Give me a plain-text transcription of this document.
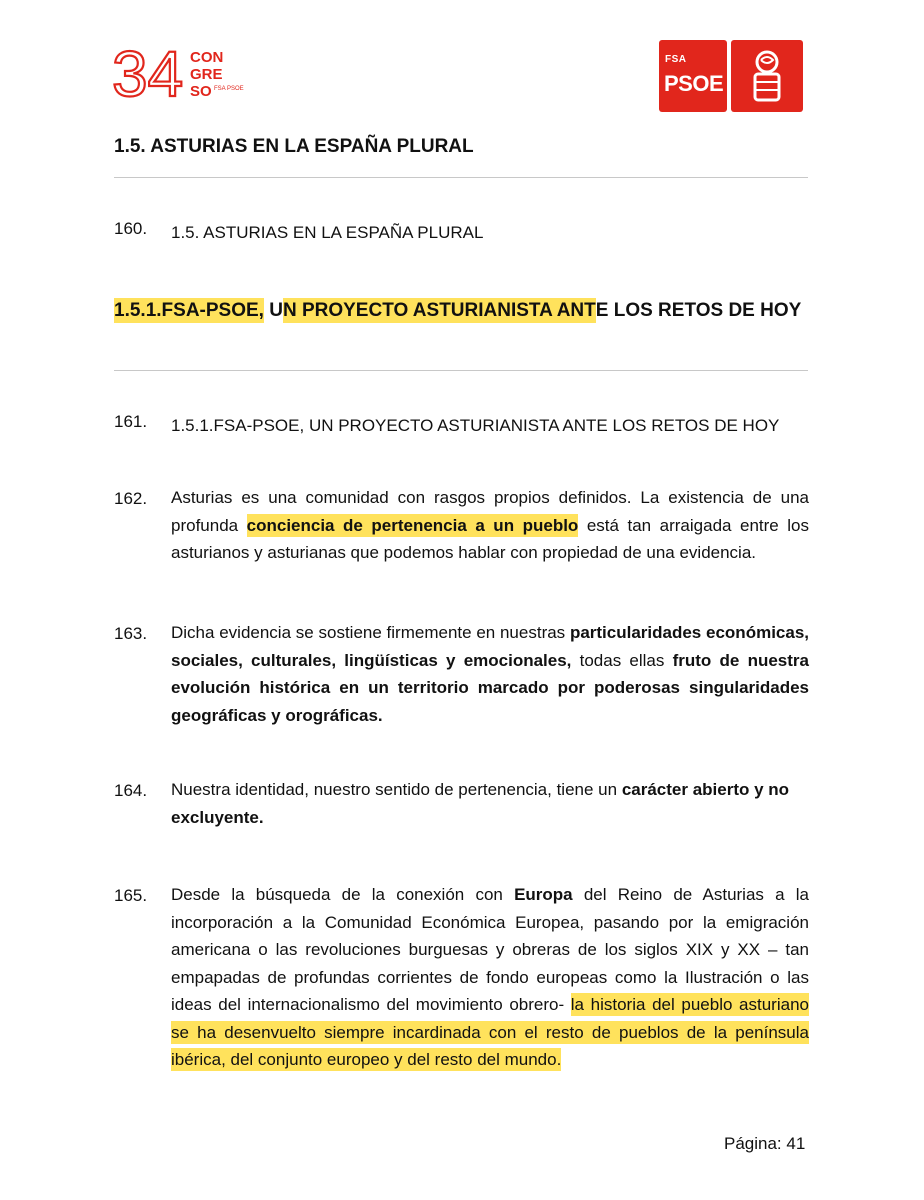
34 CON
GRE
SO FSA PSOE
FSA
PSOE
1.5. ASTURIAS EN LA ESPAÑA PLURAL
160. 1.5. ASTURIAS EN LA ESPAÑA PLURAL
1.5.1.FSA-PSOE, UN PROYECTO ASTURIANISTA ANTE LOS RETOS DE HOY
161. 1.5.1.FSA-PSOE, UN PROYECTO ASTURIANISTA ANTE LOS RETOS DE HOY
162. Asturias es una comunidad con rasgos propios definidos. La existencia de una profunda conciencia de pertenencia a un pueblo está tan arraigada entre los asturianos y asturianas que podemos hablar con propiedad de una evidencia.
163. Dicha evidencia se sostiene firmemente en nuestras particularidades económicas, sociales, culturales, lingüísticas y emocionales, todas ellas fruto de nuestra evolución histórica en un territorio marcado por poderosas singularidades geográficas y orográficas.
164. Nuestra identidad, nuestro sentido de pertenencia, tiene un carácter abierto y no excluyente.
165. Desde la búsqueda de la conexión con Europa del Reino de Asturias a la incorporación a la Comunidad Económica Europea, pasando por la emigración americana o las revoluciones burguesas y obreras de los siglos XIX y XX – tan empapadas de profundas corrientes de fondo europeas como la Ilustración o las ideas del internacionalismo del movimiento obrero- la historia del pueblo asturiano se ha desenvuelto siempre incardinada con el resto de pueblos de la península ibérica, del conjunto europeo y del resto del mundo.
Página: 41
